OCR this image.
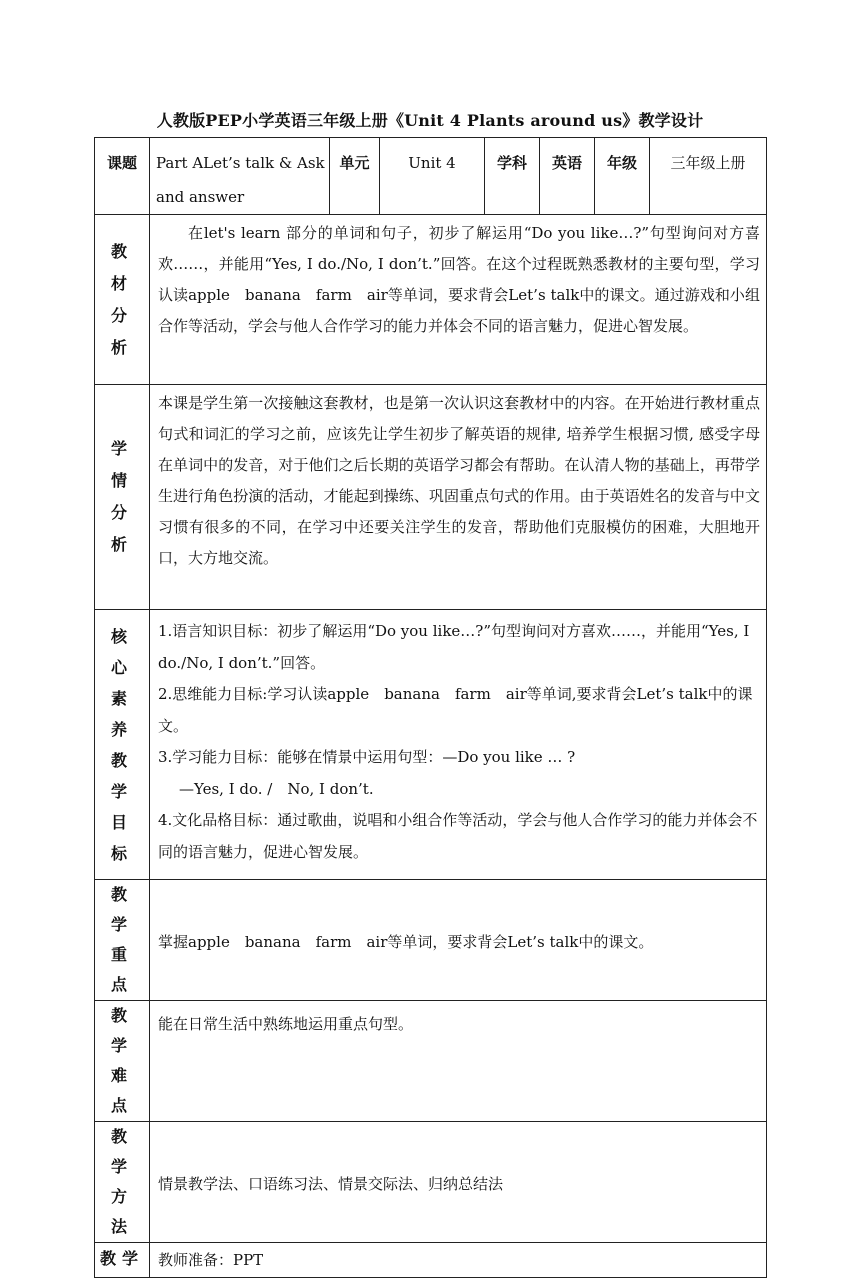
人教版PEP小学英语三年级上册《Unit 4 Plants around us》教学设计
课题	Part ALet’s talk & Ask and answer	单元	Unit 4	学科	英语	年级	三年级上册

教材分析	在let's learn 部分的单词和句子，初步了解运用“Do you like…?”句型询问对方喜欢……，并能用“Yes, I do./No, I don’t.”回答。在这个过程既熟悉教材的主要句型，学习认读apple　banana　farm　air等单词，要求背会Let’s talk中的课文。通过游戏和小组合作等活动，学会与他人合作学习的能力并体会不同的语言魅力，促进心智发展。						

学情分析	本课是学生第一次接触这套教材，也是第一次认识这套教材中的内容。在开始进行教材重点句式和词汇的学习之前，应该先让学生初步了解英语的规律, 培养学生根据习惯, 感受字母在单词中的发音，对于他们之后长期的英语学习都会有帮助。在认清人物的基础上，再带学生进行角色扮演的活动，才能起到操练、巩固重点句式的作用。由于英语姓名的发音与中文习惯有很多的不同，在学习中还要关注学生的发音，帮助他们克服模仿的困难，大胆地开口，大方地交流。						

核心素养教学目标	1.语言知识目标：初步了解运用“Do you like…?”句型询问对方喜欢……，并能用“Yes, I do./No, I don’t.”回答。
2.思维能力目标:学习认读apple　banana　farm　air等单词,要求背会Let’s talk中的课文。
3.学习能力目标：能够在情景中运用句型：—Do you like … ?
—Yes, I do. /　No, I don’t.
4.文化品格目标：通过歌曲，说唱和小组合作等活动，学会与他人合作学习的能力并体会不同的语言魅力，促进心智发展。						

教学重点	掌握apple　banana　farm　air等单词，要求背会Let’s talk中的课文。						

教学难点	能在日常生活中熟练地运用重点句型。						

教学方法	情景教学法、口语练习法、情景交际法、归纳总结法						
教学	教师准备：PPT						
